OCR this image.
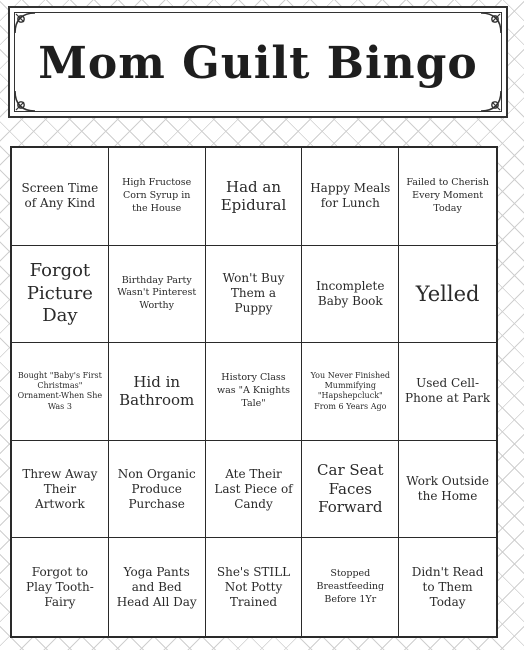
Mom Guilt Bingo
Screen Time of Any Kind
High Fructose Corn Syrup in the House
Had an Epidural
Happy Meals for Lunch
Failed to Cherish Every Moment Today
Forgot Picture Day
Birthday Party Wasn't Pinterest Worthy
Won't Buy Them a Puppy
Incomplete Baby Book	Yelled
Bought "Baby's First Christmas" Ornament-When She Was 3
Hid in Bathroom
History Class was "A Knights Tale"
You Never Finished Mummifying "Hapshepcluck" From 6 Years Ago
Used Cell-Phone at Park
Threw Away Their Artwork
Non Organic Produce Purchase
Ate Their Last Piece of Candy
Car Seat Faces Forward
Work Outside the Home
Forgot to Play Tooth-Fairy
Yoga Pants and Bed Head All Day
She's STILL Not Potty Trained
Stopped Breastfeeding Before 1Yr
Didn't Read to Them Today
